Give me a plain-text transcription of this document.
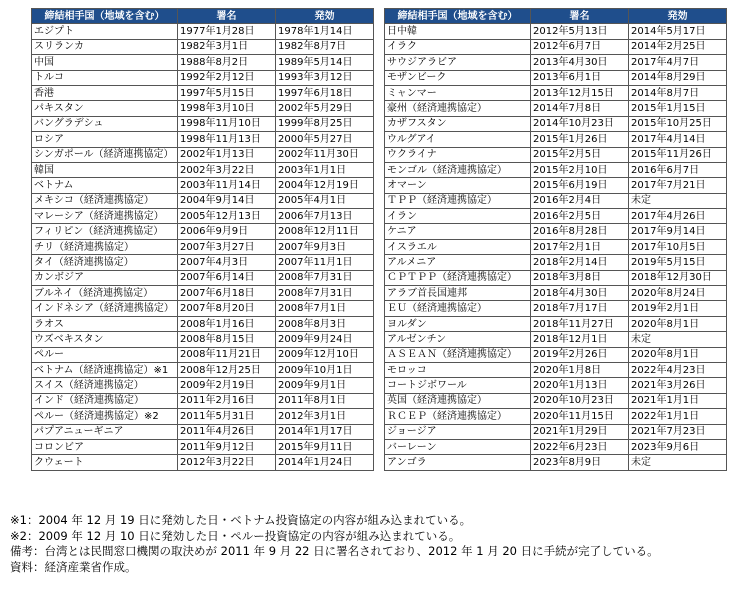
締結相手国（地域を含む）	署名	発効
エジプト	1977年1月28日	1978年1月14日
スリランカ	1982年3月1日	1982年8月7日
中国	1988年8月2日	1989年5月14日
トルコ	1992年2月12日	1993年3月12日
香港	1997年5月15日	1997年6月18日
パキスタン	1998年3月10日	2002年5月29日
バングラデシュ	1998年11月10日	1999年8月25日
ロシア	1998年11月13日	2000年5月27日
シンガポール（経済連携協定）	2002年1月13日	2002年11月30日
韓国	2002年3月22日	2003年1月1日
ベトナム	2003年11月14日	2004年12月19日
メキシコ（経済連携協定）	2004年9月14日	2005年4月1日
マレーシア（経済連携協定）	2005年12月13日	2006年7月13日
フィリピン（経済連携協定）	2006年9月9日	2008年12月11日
チリ（経済連携協定）	2007年3月27日	2007年9月3日
タイ（経済連携協定）	2007年4月3日	2007年11月1日
カンボジア	2007年6月14日	2008年7月31日
ブルネイ（経済連携協定）	2007年6月18日	2008年7月31日
インドネシア（経済連携協定）	2007年8月20日	2008年7月1日
ラオス	2008年1月16日	2008年8月3日
ウズベキスタン	2008年8月15日	2009年9月24日
ペルー	2008年11月21日	2009年12月10日
ベトナム（経済連携協定）※1	2008年12月25日	2009年10月1日
スイス（経済連携協定）	2009年2月19日	2009年9月1日
インド（経済連携協定）	2011年2月16日	2011年8月1日
ペルー（経済連携協定）※2	2011年5月31日	2012年3月1日
パプアニューギニア	2011年4月26日	2014年1月17日
コロンビア	2011年9月12日	2015年9月11日
クウェート	2012年3月22日	2014年1月24日
締結相手国（地域を含む）	署名	発効
日中韓	2012年5月13日	2014年5月17日
イラク	2012年6月7日	2014年2月25日
サウジアラビア	2013年4月30日	2017年4月7日
モザンビーク	2013年6月1日	2014年8月29日
ミャンマー	2013年12月15日	2014年8月7日
豪州（経済連携協定）	2014年7月8日	2015年1月15日
カザフスタン	2014年10月23日	2015年10月25日
ウルグアイ	2015年1月26日	2017年4月14日
ウクライナ	2015年2月5日	2015年11月26日
モンゴル（経済連携協定）	2015年2月10日	2016年6月7日
オマーン	2015年6月19日	2017年7月21日
ＴＰＰ（経済連携協定）	2016年2月4日	未定
イラン	2016年2月5日	2017年4月26日
ケニア	2016年8月28日	2017年9月14日
イスラエル	2017年2月1日	2017年10月5日
アルメニア	2018年2月14日	2019年5月15日
ＣＰＴＰＰ（経済連携協定）	2018年3月8日	2018年12月30日
アラブ首長国連邦	2018年4月30日	2020年8月24日
ＥＵ（経済連携協定）	2018年7月17日	2019年2月1日
ヨルダン	2018年11月27日	2020年8月1日
アルゼンチン	2018年12月1日	未定
ＡＳＥＡＮ（経済連携協定）	2019年2月26日	2020年8月1日
モロッコ	2020年1月8日	2022年4月23日
コートジボワール	2020年1月13日	2021年3月26日
英国（経済連携協定）	2020年10月23日	2021年1月1日
ＲＣＥＰ（経済連携協定）	2020年11月15日	2022年1月1日
ジョージア	2021年1月29日	2021年7月23日
バーレーン	2022年6月23日	2023年9月6日
アンゴラ	2023年8月9日	未定
※1：2004 年 12 月 19 日に発効した日・ベトナム投資協定の内容が組み込まれている。
※2：2009 年 12 月 10 日に発効した日・ペルー投資協定の内容が組み込まれている。
備考：台湾とは民間窓口機関の取決めが 2011 年 9 月 22 日に署名されており、2012 年 1 月 20 日に手続が完了している。
資料：経済産業省作成。
